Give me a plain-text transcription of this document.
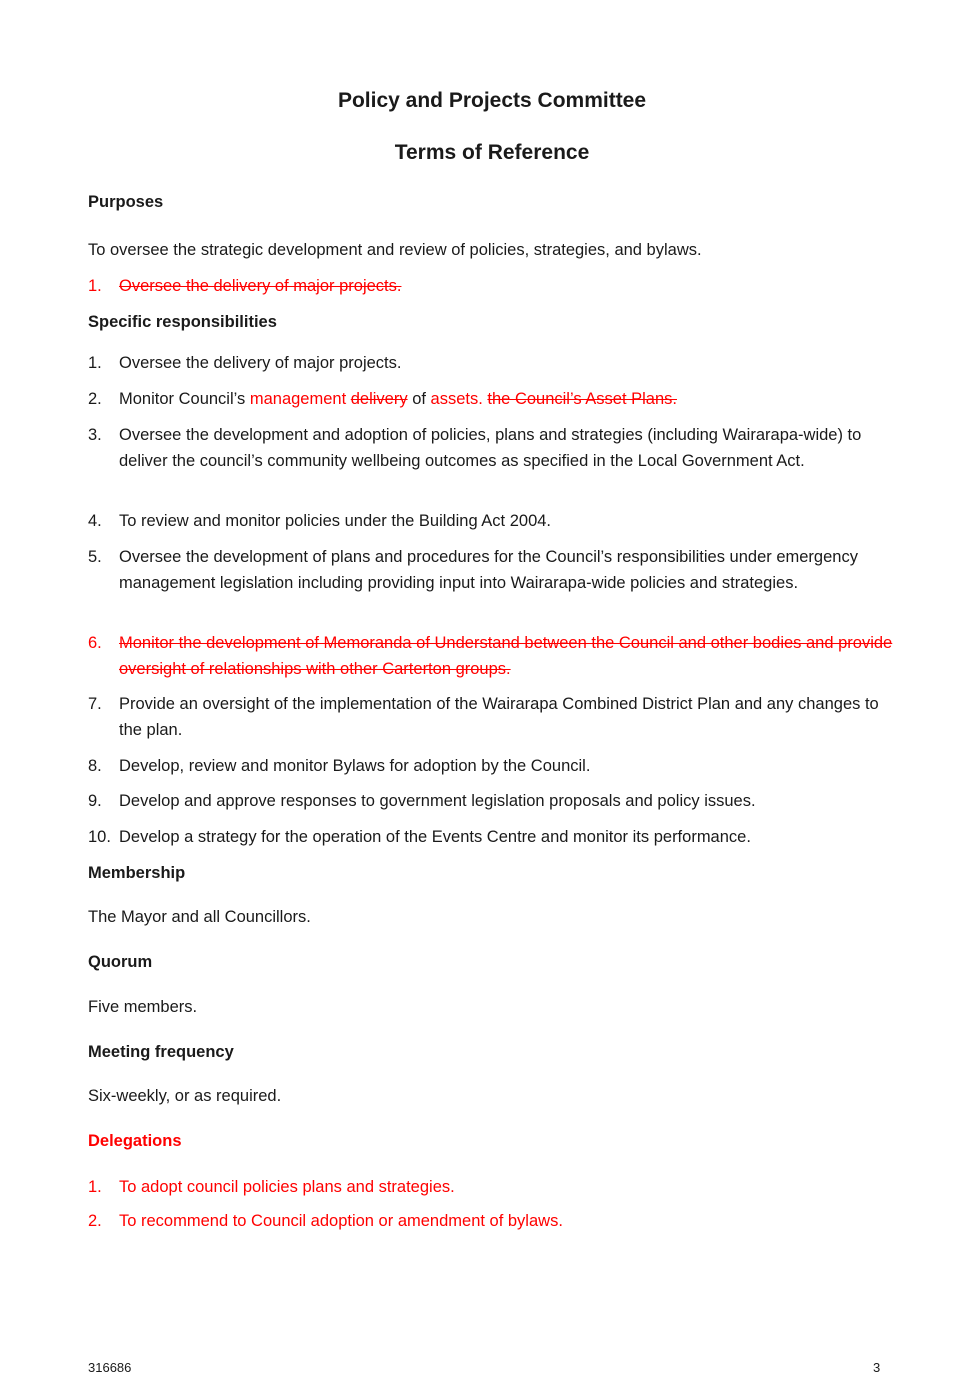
Policy and Projects Committee
Terms of Reference
Purposes

To oversee the strategic development and review of policies, strategies, and bylaws.

1. Oversee the delivery of major projects.
Specific responsibilities
1. Oversee the delivery of major projects.
2. Monitor Council’s management delivery of assets. the Council’s Asset Plans.
3. Oversee the development and adoption of policies, plans and strategies (including Wairarapa-wide) to deliver the council’s community wellbeing outcomes as specified in the Local Government Act.
4. To review and monitor policies under the Building Act 2004.
5. Oversee the development of plans and procedures for the Council’s responsibilities under emergency management legislation including providing input into Wairarapa-wide policies and strategies.
6. Monitor the development of Memoranda of Understand between the Council and other bodies and provide oversight of relationships with other Carterton groups.
7. Provide an oversight of the implementation of the Wairarapa Combined District Plan and any changes to the plan.
8. Develop, review and monitor Bylaws for adoption by the Council.
9. Develop and approve responses to government legislation proposals and policy issues.
10. Develop a strategy for the operation of the Events Centre and monitor its performance.
Membership

The Mayor and all Councillors.

Quorum

Five members.

Meeting frequency

Six-weekly, or as required.

Delegations
1. To adopt council policies plans and strategies.
2. To recommend to Council adoption or amendment of bylaws.
316686	3
